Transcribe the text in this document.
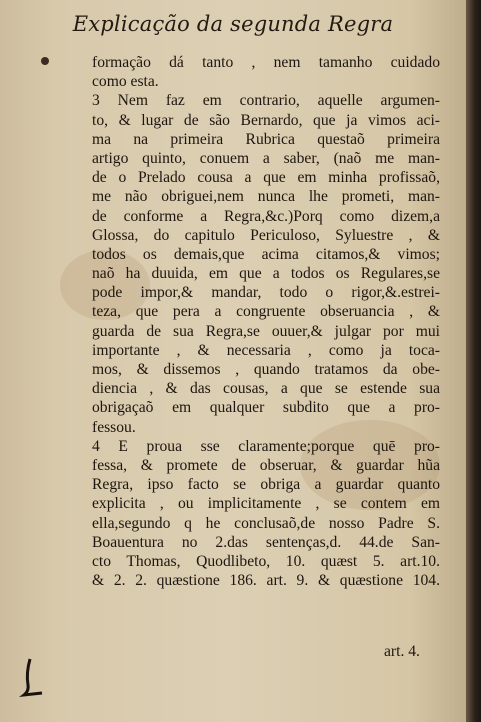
Explicação da segunda Regra
formação dá tanto , nem tamanho cuidado
como esta.
3 Nem faz em contrario, aquelle argumen-
to, & lugar de são Bernardo, que ja vimos aci-
ma na primeira Rubrica questaõ primeira
artigo quinto, conuem a saber, (naõ me man-
de o Prelado cousa a que em minha profissaõ,
me não obriguei,nem nunca lhe prometi, man-
de conforme a Regra,&c.)Porq como dizem,a
Glossa, do capitulo Periculoso, Syluestre , &
todos os demais,que acima citamos,& vimos;
naõ ha duuida, em que a todos os Regulares,se
pode impor,& mandar, todo o rigor,&.estrei-
teza, que pera a congruente obseruancia , &
guarda de sua Regra,se ouuer,& julgar por mui
importante , & necessaria , como ja toca-
mos, & dissemos , quando tratamos da obe-
diencia , & das cousas, a que se estende sua
obrigaçaõ em qualquer subdito que a pro-
fessou.
4 E proua sse claramente;porque quē pro-
fessa, & promete de obseruar, & guardar hũa
Regra, ipso facto se obriga a guardar quanto
explicita , ou implicitamente , se contem em
ella,segundo q he conclusaõ,de nosso Padre S.
Boauentura no 2.das sentenças,d. 44.de San-
cto Thomas, Quodlibeto, 10. quæst 5. art.10.
& 2. 2. quæstione 186. art. 9. & quæstione 104.
art. 4.
